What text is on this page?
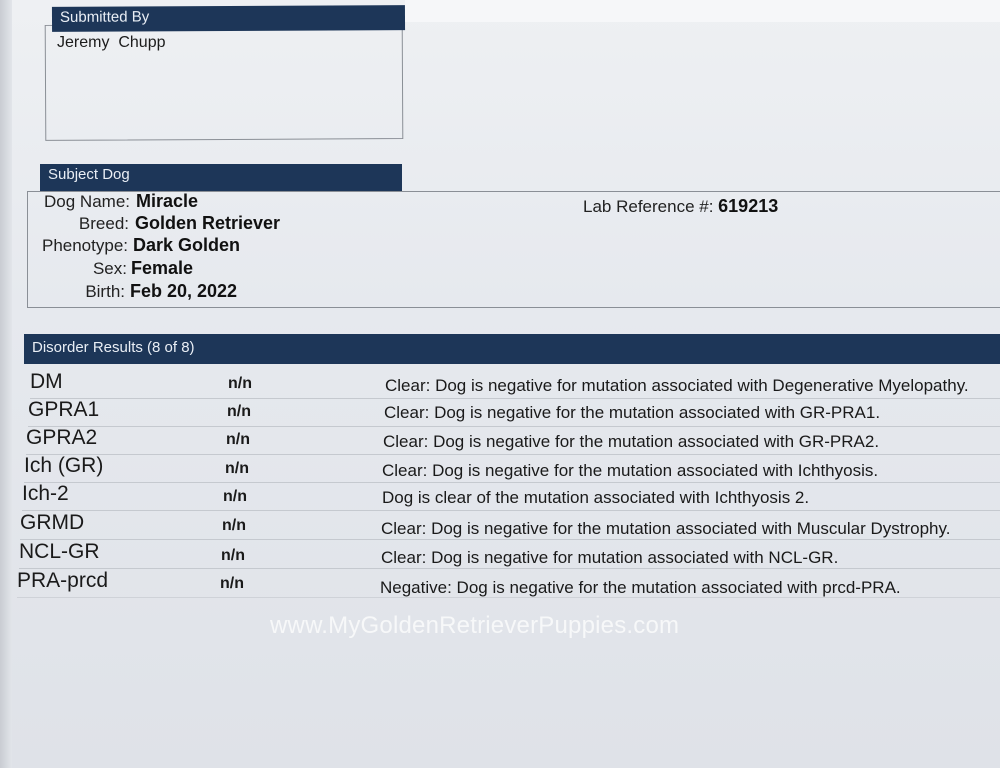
Submitted By
Jeremy  Chupp
Subject Dog
Dog Name: Miracle
Breed: Golden Retriever
Phenotype: Dark Golden
Sex: Female
Birth: Feb 20, 2022
Lab Reference #: 619213
Disorder Results (8 of 8)
DM	n/n	Clear: Dog is negative for mutation associated with Degenerative Myelopathy.
GPRA1	n/n	Clear: Dog is negative for the mutation associated with GR-PRA1.
GPRA2	n/n	Clear: Dog is negative for the mutation associated with GR-PRA2.
Ich (GR)	n/n	Clear: Dog is negative for the mutation associated with Ichthyosis.
Ich-2	n/n	Dog is clear of the mutation associated with Ichthyosis 2.
GRMD	n/n	Clear: Dog is negative for the mutation associated with Muscular Dystrophy.
NCL-GR	n/n	Clear: Dog is negative for mutation associated with NCL-GR.
PRA-prcd	n/n	Negative: Dog is negative for the mutation associated with prcd-PRA.
www.MyGoldenRetrieverPuppies.com
